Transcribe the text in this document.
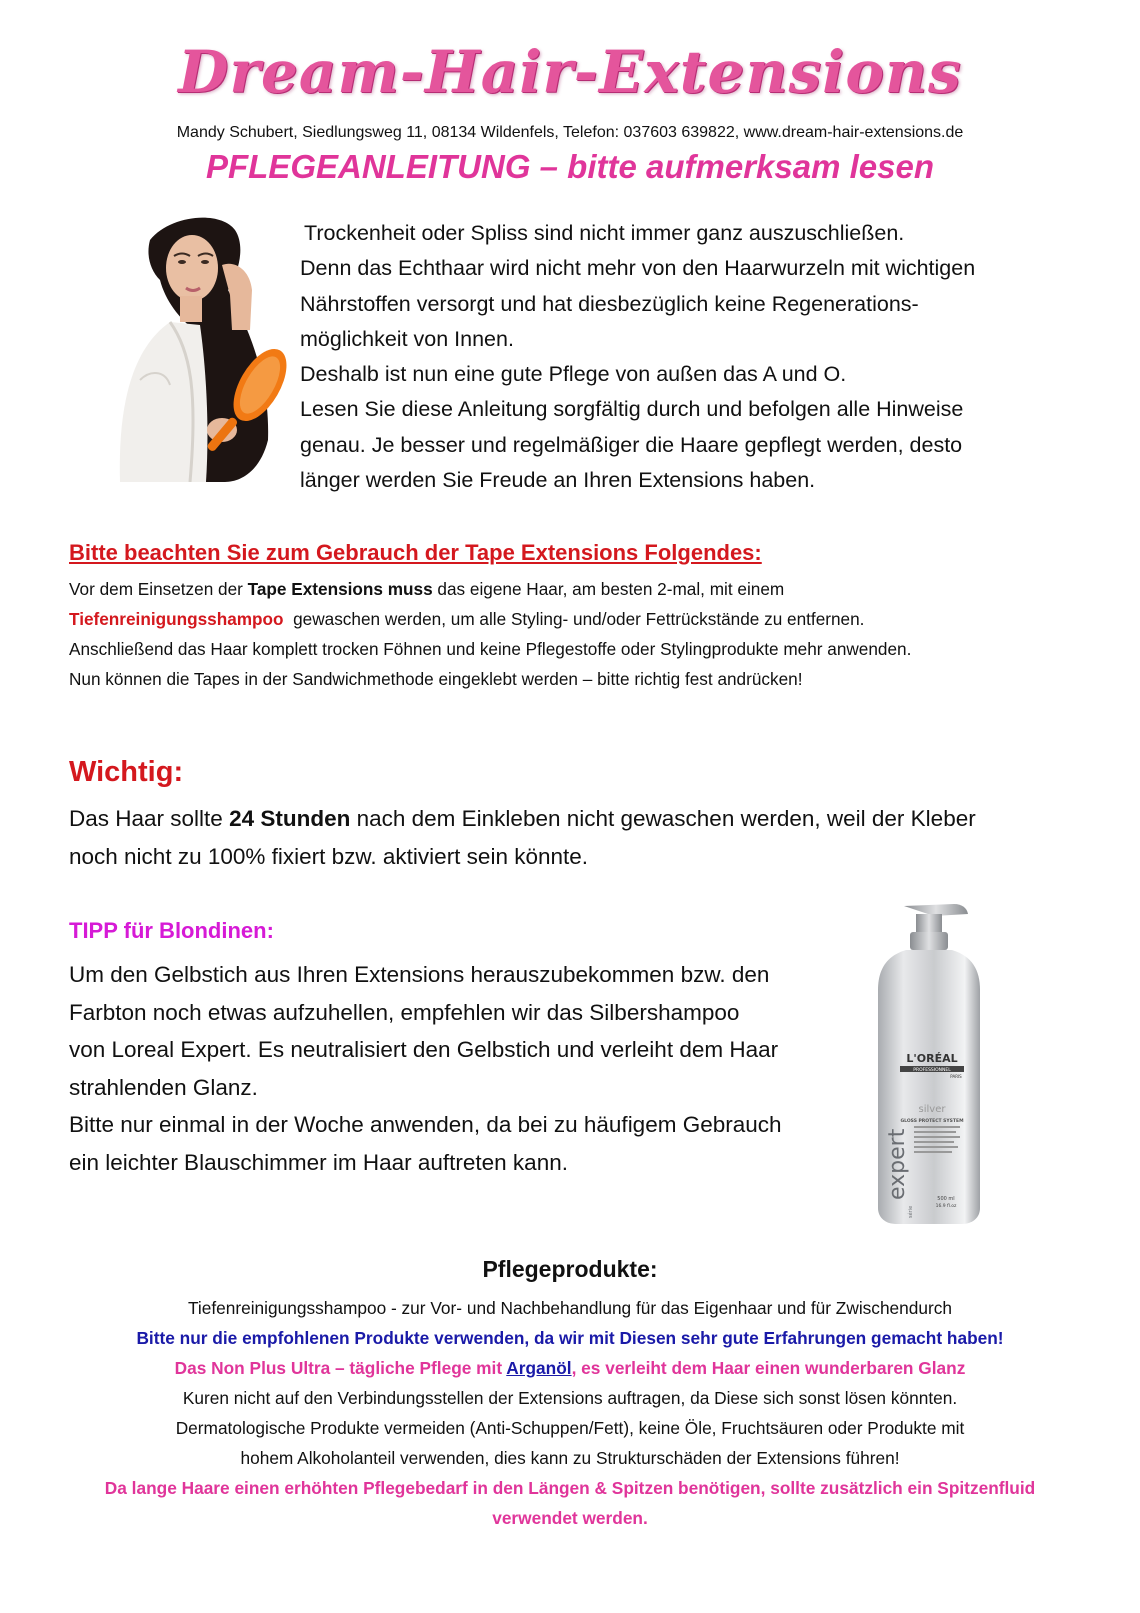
Dream-Hair-Extensions
Mandy Schubert, Siedlungsweg 11, 08134 Wildenfels, Telefon: 037603 639822, www.dream-hair-extensions.de
PFLEGEANLEITUNG – bitte aufmerksam lesen

Trockenheit oder Spliss sind nicht immer ganz auszuschließen.

Denn das Echthaar wird nicht mehr von den Haarwurzeln mit wichtigen

Nährstoffen versorgt und hat diesbezüglich keine Regenerations-

möglichkeit von Innen.

Deshalb ist nun eine gute Pflege von außen das A und O.

Lesen Sie diese Anleitung sorgfältig durch und befolgen alle Hinweise

genau. Je besser und regelmäßiger die Haare gepflegt werden, desto

länger werden Sie Freude an Ihren Extensions haben.

Bitte beachten Sie zum Gebrauch der Tape Extensions Folgendes:

Vor dem Einsetzen der Tape Extensions muss das eigene Haar, am besten 2-mal, mit einem

Tiefenreinigungsshampoo  gewaschen werden, um alle Styling- und/oder Fettrückstände zu entfernen.

Anschließend das Haar komplett trocken Föhnen und keine Pflegestoffe oder Stylingprodukte mehr anwenden.

Nun können die Tapes in der Sandwichmethode eingeklebt werden – bitte richtig fest andrücken!

Wichtig:

Das Haar sollte 24 Stunden nach dem Einkleben nicht gewaschen werden, weil der Kleber

noch nicht zu 100% fixiert bzw. aktiviert sein könnte.

TIPP für Blondinen:

Um den Gelbstich aus Ihren Extensions herauszubekommen bzw. den

Farbton noch etwas aufzuhellen, empfehlen wir das Silbershampoo

von Loreal Expert. Es neutralisiert den Gelbstich und verleiht dem Haar

strahlenden Glanz.

Bitte nur einmal in der Woche anwenden, da bei zu häufigem Gebrauch

ein leichter Blauschimmer im Haar auftreten kann.

L'ORÉAL
PROFESSIONNEL
PARIS
silver
GLOSS PROTECT SYSTEM
expert
série
500 ml
16.9 fl.oz
Pflegeprodukte:

Tiefenreinigungsshampoo - zur Vor- und Nachbehandlung für das Eigenhaar und für Zwischendurch

Bitte nur die empfohlenen Produkte verwenden, da wir mit Diesen sehr gute Erfahrungen gemacht haben!

Das Non Plus Ultra – tägliche Pflege mit Arganöl, es verleiht dem Haar einen wunderbaren Glanz

Kuren nicht auf den Verbindungsstellen der Extensions auftragen, da Diese sich sonst lösen könnten.

Dermatologische Produkte vermeiden (Anti-Schuppen/Fett), keine Öle, Fruchtsäuren oder Produkte mit

hohem Alkoholanteil verwenden, dies kann zu Strukturschäden der Extensions führen!

Da lange Haare einen erhöhten Pflegebedarf in den Längen & Spitzen benötigen, sollte zusätzlich ein Spitzenfluid

verwendet werden.
